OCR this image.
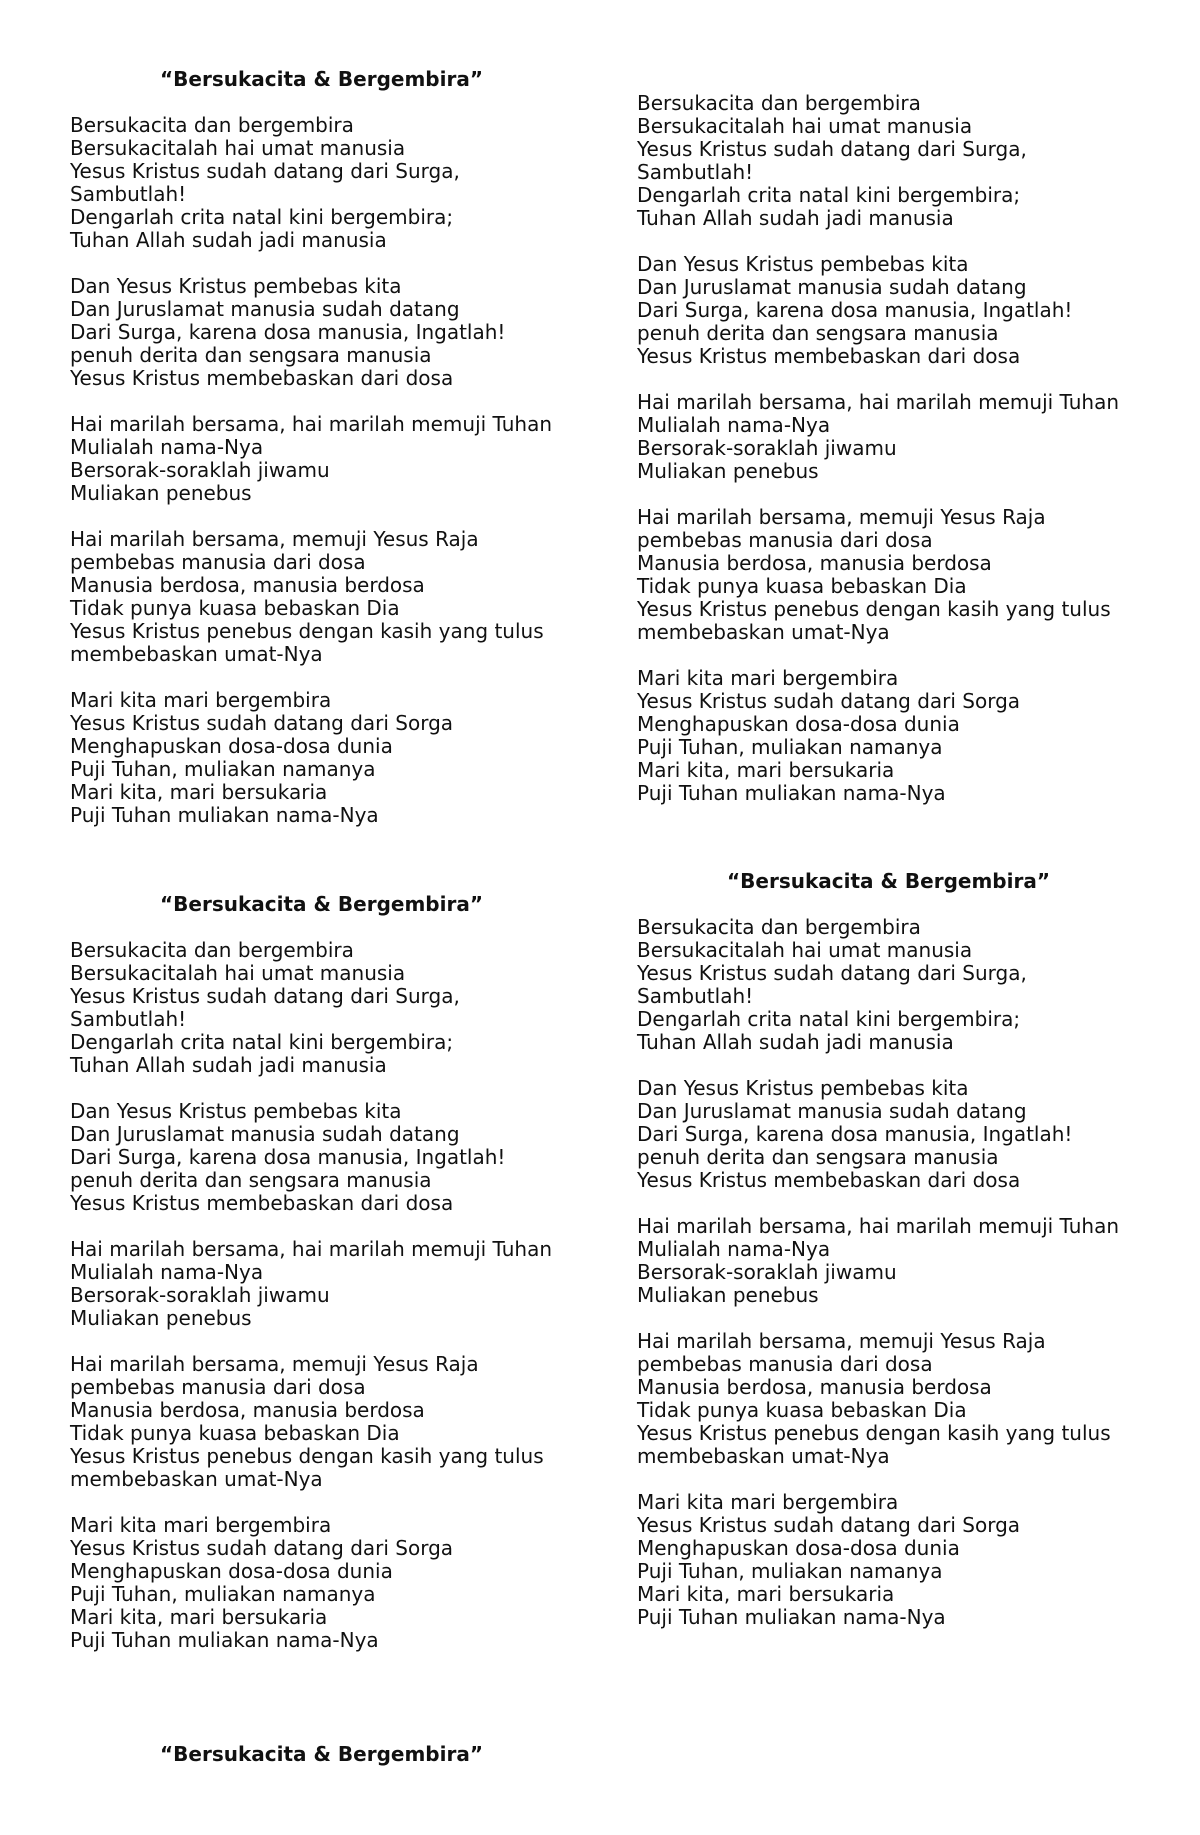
“Bersukacita & Bergembira”
Bersukacita dan bergembira
Bersukacitalah hai umat manusia
Yesus Kristus sudah datang dari Surga,
Sambutlah!
Dengarlah crita natal kini bergembira;
Tuhan Allah sudah jadi manusia
Dan Yesus Kristus pembebas kita
Dan Juruslamat manusia sudah datang
Dari Surga, karena dosa manusia, Ingatlah!
penuh derita dan sengsara manusia
Yesus Kristus membebaskan dari dosa
Hai marilah bersama, hai marilah memuji Tuhan
Mulialah nama-Nya
Bersorak-soraklah jiwamu
Muliakan penebus
Hai marilah bersama, memuji Yesus Raja
pembebas manusia dari dosa
Manusia berdosa, manusia berdosa
Tidak punya kuasa bebaskan Dia
Yesus Kristus penebus dengan kasih yang tulus
membebaskan umat-Nya
Mari kita mari bergembira
Yesus Kristus sudah datang dari Sorga
Menghapuskan dosa-dosa dunia
Puji Tuhan, muliakan namanya
Mari kita, mari bersukaria
Puji Tuhan muliakan nama-Nya
Bersukacita dan bergembira
Bersukacitalah hai umat manusia
Yesus Kristus sudah datang dari Surga,
Sambutlah!
Dengarlah crita natal kini bergembira;
Tuhan Allah sudah jadi manusia
Dan Yesus Kristus pembebas kita
Dan Juruslamat manusia sudah datang
Dari Surga, karena dosa manusia, Ingatlah!
penuh derita dan sengsara manusia
Yesus Kristus membebaskan dari dosa
Hai marilah bersama, hai marilah memuji Tuhan
Mulialah nama-Nya
Bersorak-soraklah jiwamu
Muliakan penebus
Hai marilah bersama, memuji Yesus Raja
pembebas manusia dari dosa
Manusia berdosa, manusia berdosa
Tidak punya kuasa bebaskan Dia
Yesus Kristus penebus dengan kasih yang tulus
membebaskan umat-Nya
Mari kita mari bergembira
Yesus Kristus sudah datang dari Sorga
Menghapuskan dosa-dosa dunia
Puji Tuhan, muliakan namanya
Mari kita, mari bersukaria
Puji Tuhan muliakan nama-Nya
“Bersukacita & Bergembira”
Bersukacita dan bergembira
Bersukacitalah hai umat manusia
Yesus Kristus sudah datang dari Surga,
Sambutlah!
Dengarlah crita natal kini bergembira;
Tuhan Allah sudah jadi manusia
Dan Yesus Kristus pembebas kita
Dan Juruslamat manusia sudah datang
Dari Surga, karena dosa manusia, Ingatlah!
penuh derita dan sengsara manusia
Yesus Kristus membebaskan dari dosa
Hai marilah bersama, hai marilah memuji Tuhan
Mulialah nama-Nya
Bersorak-soraklah jiwamu
Muliakan penebus
Hai marilah bersama, memuji Yesus Raja
pembebas manusia dari dosa
Manusia berdosa, manusia berdosa
Tidak punya kuasa bebaskan Dia
Yesus Kristus penebus dengan kasih yang tulus
membebaskan umat-Nya
Mari kita mari bergembira
Yesus Kristus sudah datang dari Sorga
Menghapuskan dosa-dosa dunia
Puji Tuhan, muliakan namanya
Mari kita, mari bersukaria
Puji Tuhan muliakan nama-Nya
“Bersukacita & Bergembira”
Bersukacita dan bergembira
Bersukacitalah hai umat manusia
Yesus Kristus sudah datang dari Surga,
Sambutlah!
Dengarlah crita natal kini bergembira;
Tuhan Allah sudah jadi manusia
Dan Yesus Kristus pembebas kita
Dan Juruslamat manusia sudah datang
Dari Surga, karena dosa manusia, Ingatlah!
penuh derita dan sengsara manusia
Yesus Kristus membebaskan dari dosa
Hai marilah bersama, hai marilah memuji Tuhan
Mulialah nama-Nya
Bersorak-soraklah jiwamu
Muliakan penebus
Hai marilah bersama, memuji Yesus Raja
pembebas manusia dari dosa
Manusia berdosa, manusia berdosa
Tidak punya kuasa bebaskan Dia
Yesus Kristus penebus dengan kasih yang tulus
membebaskan umat-Nya
Mari kita mari bergembira
Yesus Kristus sudah datang dari Sorga
Menghapuskan dosa-dosa dunia
Puji Tuhan, muliakan namanya
Mari kita, mari bersukaria
Puji Tuhan muliakan nama-Nya
“Bersukacita & Bergembira”
